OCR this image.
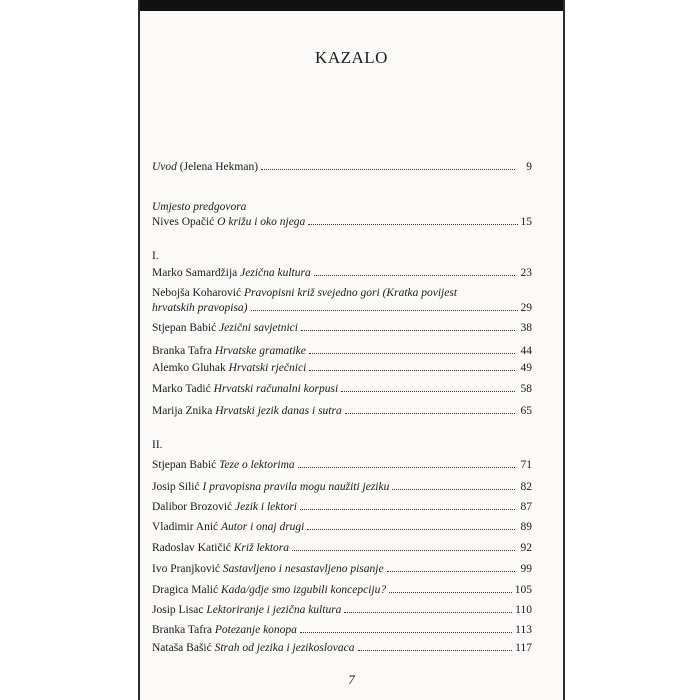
KAZALO
Uvod (Jelena Hekman)	9
Umjesto predgovora
Nives Opačić O križu i oko njega	15
I.
Marko Samardžija Jezična kultura	23
Nebojša Koharović Pravopisni križ svejedno gori (Kratka povijest
hrvatskih pravopisa)	29
Stjepan Babić Jezični savjetnici	38
Branka Tafra Hrvatske gramatike	44
Alemko Gluhak Hrvatski rječnici	49
Marko Tadić Hrvatski računalni korpusi	58
Marija Znika Hrvatski jezik danas i sutra	65
II.
Stjepan Babić Teze o lektorima	71
Josip Silić I pravopisna pravila mogu naužiti jeziku	82
Dalibor Brozović Jezik i lektori	87
Vladimir Anić Autor i onaj drugi	89
Radoslav Katičić Križ lektora	92
Ivo Pranjković Sastavljeno i nesastavljeno pisanje	99
Dragica Malić Kada/gdje smo izgubili koncepciju?	105
Josip Lisac Lektoriranje i jezična kultura	110
Branka Tafra Potezanje konopa	113
Nataša Bašić Strah od jezika i jezikoslovaca	117
7
